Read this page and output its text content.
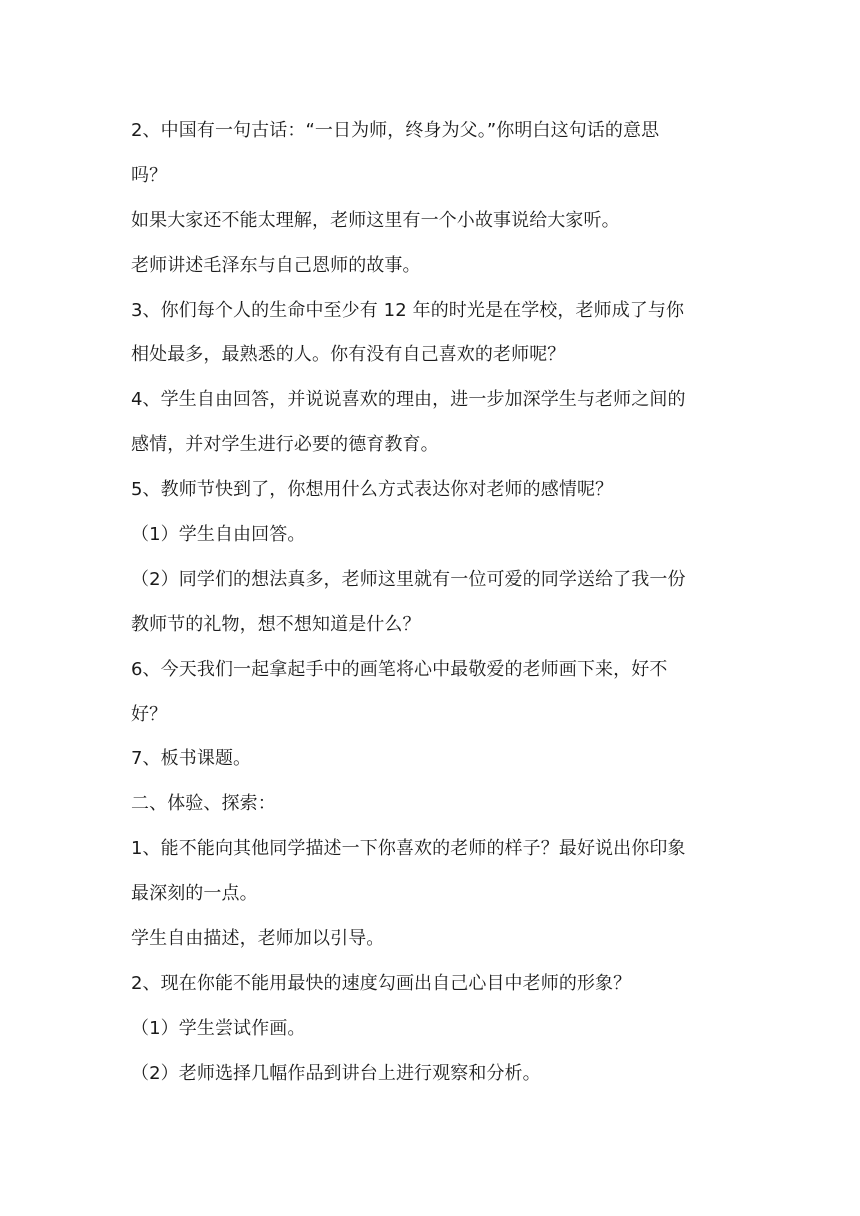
2、中国有一句古话：“一日为师，终身为父。”你明白这句话的意思
吗？
如果大家还不能太理解，老师这里有一个小故事说给大家听。
老师讲述毛泽东与自己恩师的故事。
3、你们每个人的生命中至少有 12 年的时光是在学校，老师成了与你
相处最多，最熟悉的人。你有没有自己喜欢的老师呢？
4、学生自由回答，并说说喜欢的理由，进一步加深学生与老师之间的
感情，并对学生进行必要的德育教育。
5、教师节快到了，你想用什么方式表达你对老师的感情呢？
（1）学生自由回答。
（2）同学们的想法真多，老师这里就有一位可爱的同学送给了我一份
教师节的礼物，想不想知道是什么？
6、今天我们一起拿起手中的画笔将心中最敬爱的老师画下来，好不
好？
7、板书课题。
二、体验、探索：
1、能不能向其他同学描述一下你喜欢的老师的样子？最好说出你印象
最深刻的一点。
学生自由描述，老师加以引导。
2、现在你能不能用最快的速度勾画出自己心目中老师的形象？
（1）学生尝试作画。
（2）老师选择几幅作品到讲台上进行观察和分析。
